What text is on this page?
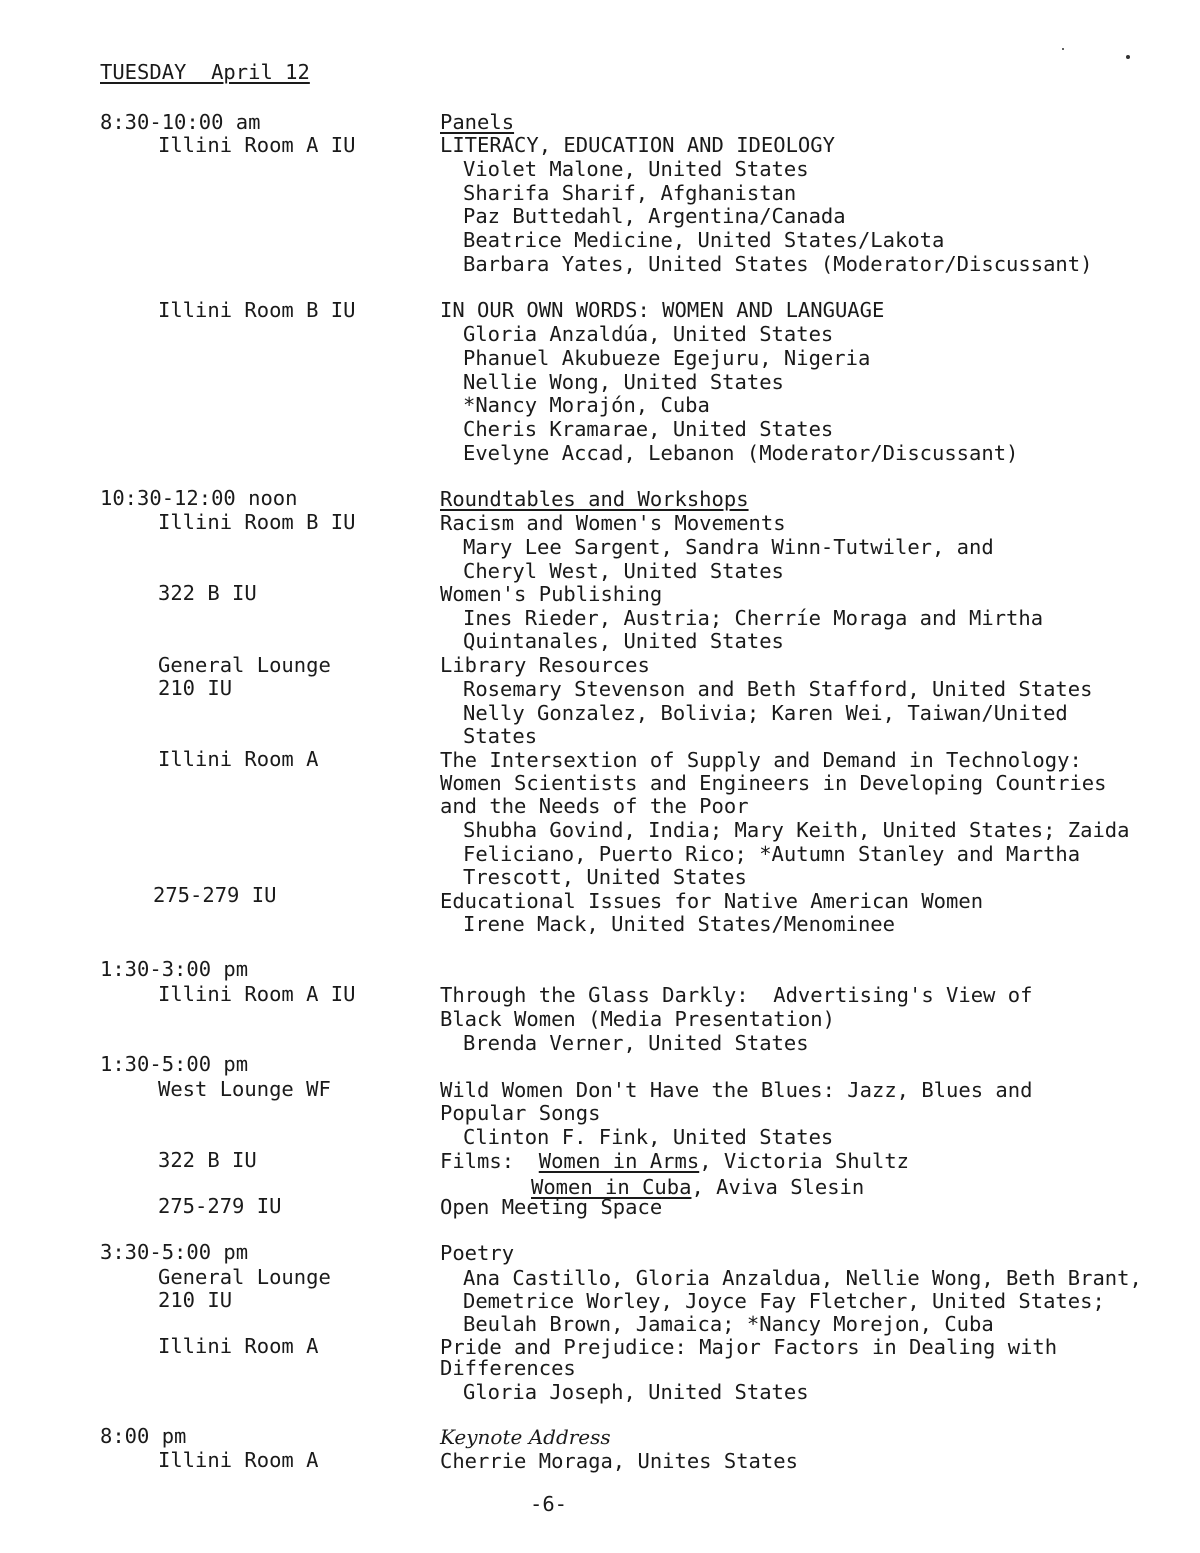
TUESDAY  April 12
8:30-10:00 am
10:30-12:00 noon
1:30-3:00 pm
1:30-5:00 pm
3:30-5:00 pm
8:00 pm
Illini Room A IU
Illini Room B IU
Illini Room B IU
322 B IU
General Lounge
210 IU
Illini Room A
275-279 IU
Illini Room A IU
West Lounge WF
322 B IU
275-279 IU
General Lounge
210 IU
Illini Room A
Illini Room A
Panels
LITERACY, EDUCATION AND IDEOLOGY
Violet Malone, United States
Sharifa Sharif, Afghanistan
Paz Buttedahl, Argentina/Canada
Beatrice Medicine, United States/Lakota
Barbara Yates, United States (Moderator/Discussant)
IN OUR OWN WORDS: WOMEN AND LANGUAGE
Gloria Anzaldúa, United States
Phanuel Akubueze Egejuru, Nigeria
Nellie Wong, United States
*Nancy Morajón, Cuba
Cheris Kramarae, United States
Evelyne Accad, Lebanon (Moderator/Discussant)
Roundtables and Workshops
Racism and Women's Movements
Mary Lee Sargent, Sandra Winn-Tutwiler, and
Cheryl West, United States
Women's Publishing
Ines Rieder, Austria; Cherríe Moraga and Mirtha
Quintanales, United States
Library Resources
Rosemary Stevenson and Beth Stafford, United States
Nelly Gonzalez, Bolivia; Karen Wei, Taiwan/United
States
The Intersextion of Supply and Demand in Technology:
Women Scientists and Engineers in Developing Countries
and the Needs of the Poor
Shubha Govind, India; Mary Keith, United States; Zaida
Feliciano, Puerto Rico; *Autumn Stanley and Martha
Trescott, United States
Educational Issues for Native American Women
Irene Mack, United States/Menominee
Through the Glass Darkly:  Advertising's View of
Black Women (Media Presentation)
Brenda Verner, United States
Wild Women Don't Have the Blues: Jazz, Blues and
Popular Songs
Clinton F. Fink, United States
Films:  Women in Arms, Victoria Shultz
Women in Cuba, Aviva Slesin
Open Meeting Space
Poetry
Ana Castillo, Gloria Anzaldua, Nellie Wong, Beth Brant,
Demetrice Worley, Joyce Fay Fletcher, United States;
Beulah Brown, Jamaica; *Nancy Morejon, Cuba
Pride and Prejudice: Major Factors in Dealing with
Differences
Gloria Joseph, United States
Keynote Address
Cherrie Moraga, Unites States
-6-
